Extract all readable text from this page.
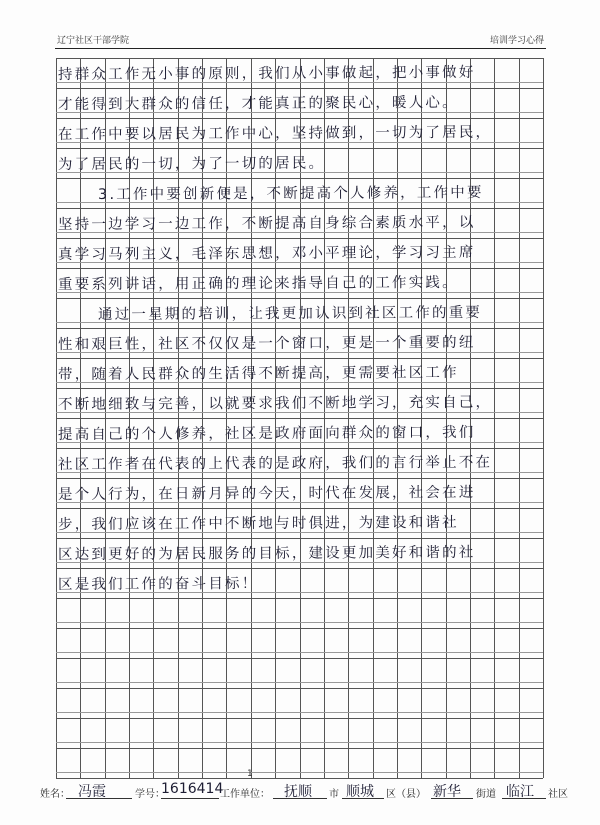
辽宁社区干部学院	培训学习心得
持群众工作无小事的原则，我们从小事做起，把小事做好
才能得到大群众的信任，才能真正的聚民心，暖人心。
在工作中要以居民为工作中心，坚持做到，一切为了居民，
为了居民的一切，为了一切的居民。
3.工作中要创新便是，不断提高个人修养，工作中要
坚持一边学习一边工作，不断提高自身综合素质水平，以
真学习马列主义，毛泽东思想，邓小平理论，学习习主席
重要系列讲话，用正确的理论来指导自己的工作实践。
通过一星期的培训，让我更加认识到社区工作的重要
性和艰巨性，社区不仅仅是一个窗口，更是一个重要的纽
带，随着人民群众的生活得不断提高，更需要社区工作
不断地细致与完善，以就要求我们不断地学习，充实自己，
提高自己的个人修养，社区是政府面向群众的窗口，我们
社区工作者在代表的上代表的是政府，我们的言行举止不在
是个人行为，在日新月异的今天，时代在发展，社会在进
步，我们应该在工作中不断地与时俱进，为建设和谐社
区达到更好的为居民服务的目标，建设更加美好和谐的社
区是我们工作的奋斗目标！
1
姓名： 冯霞	学号：
1616414
工作单位： 抚顺 市 顺城 区（县） 新华 街道 临江 社区
